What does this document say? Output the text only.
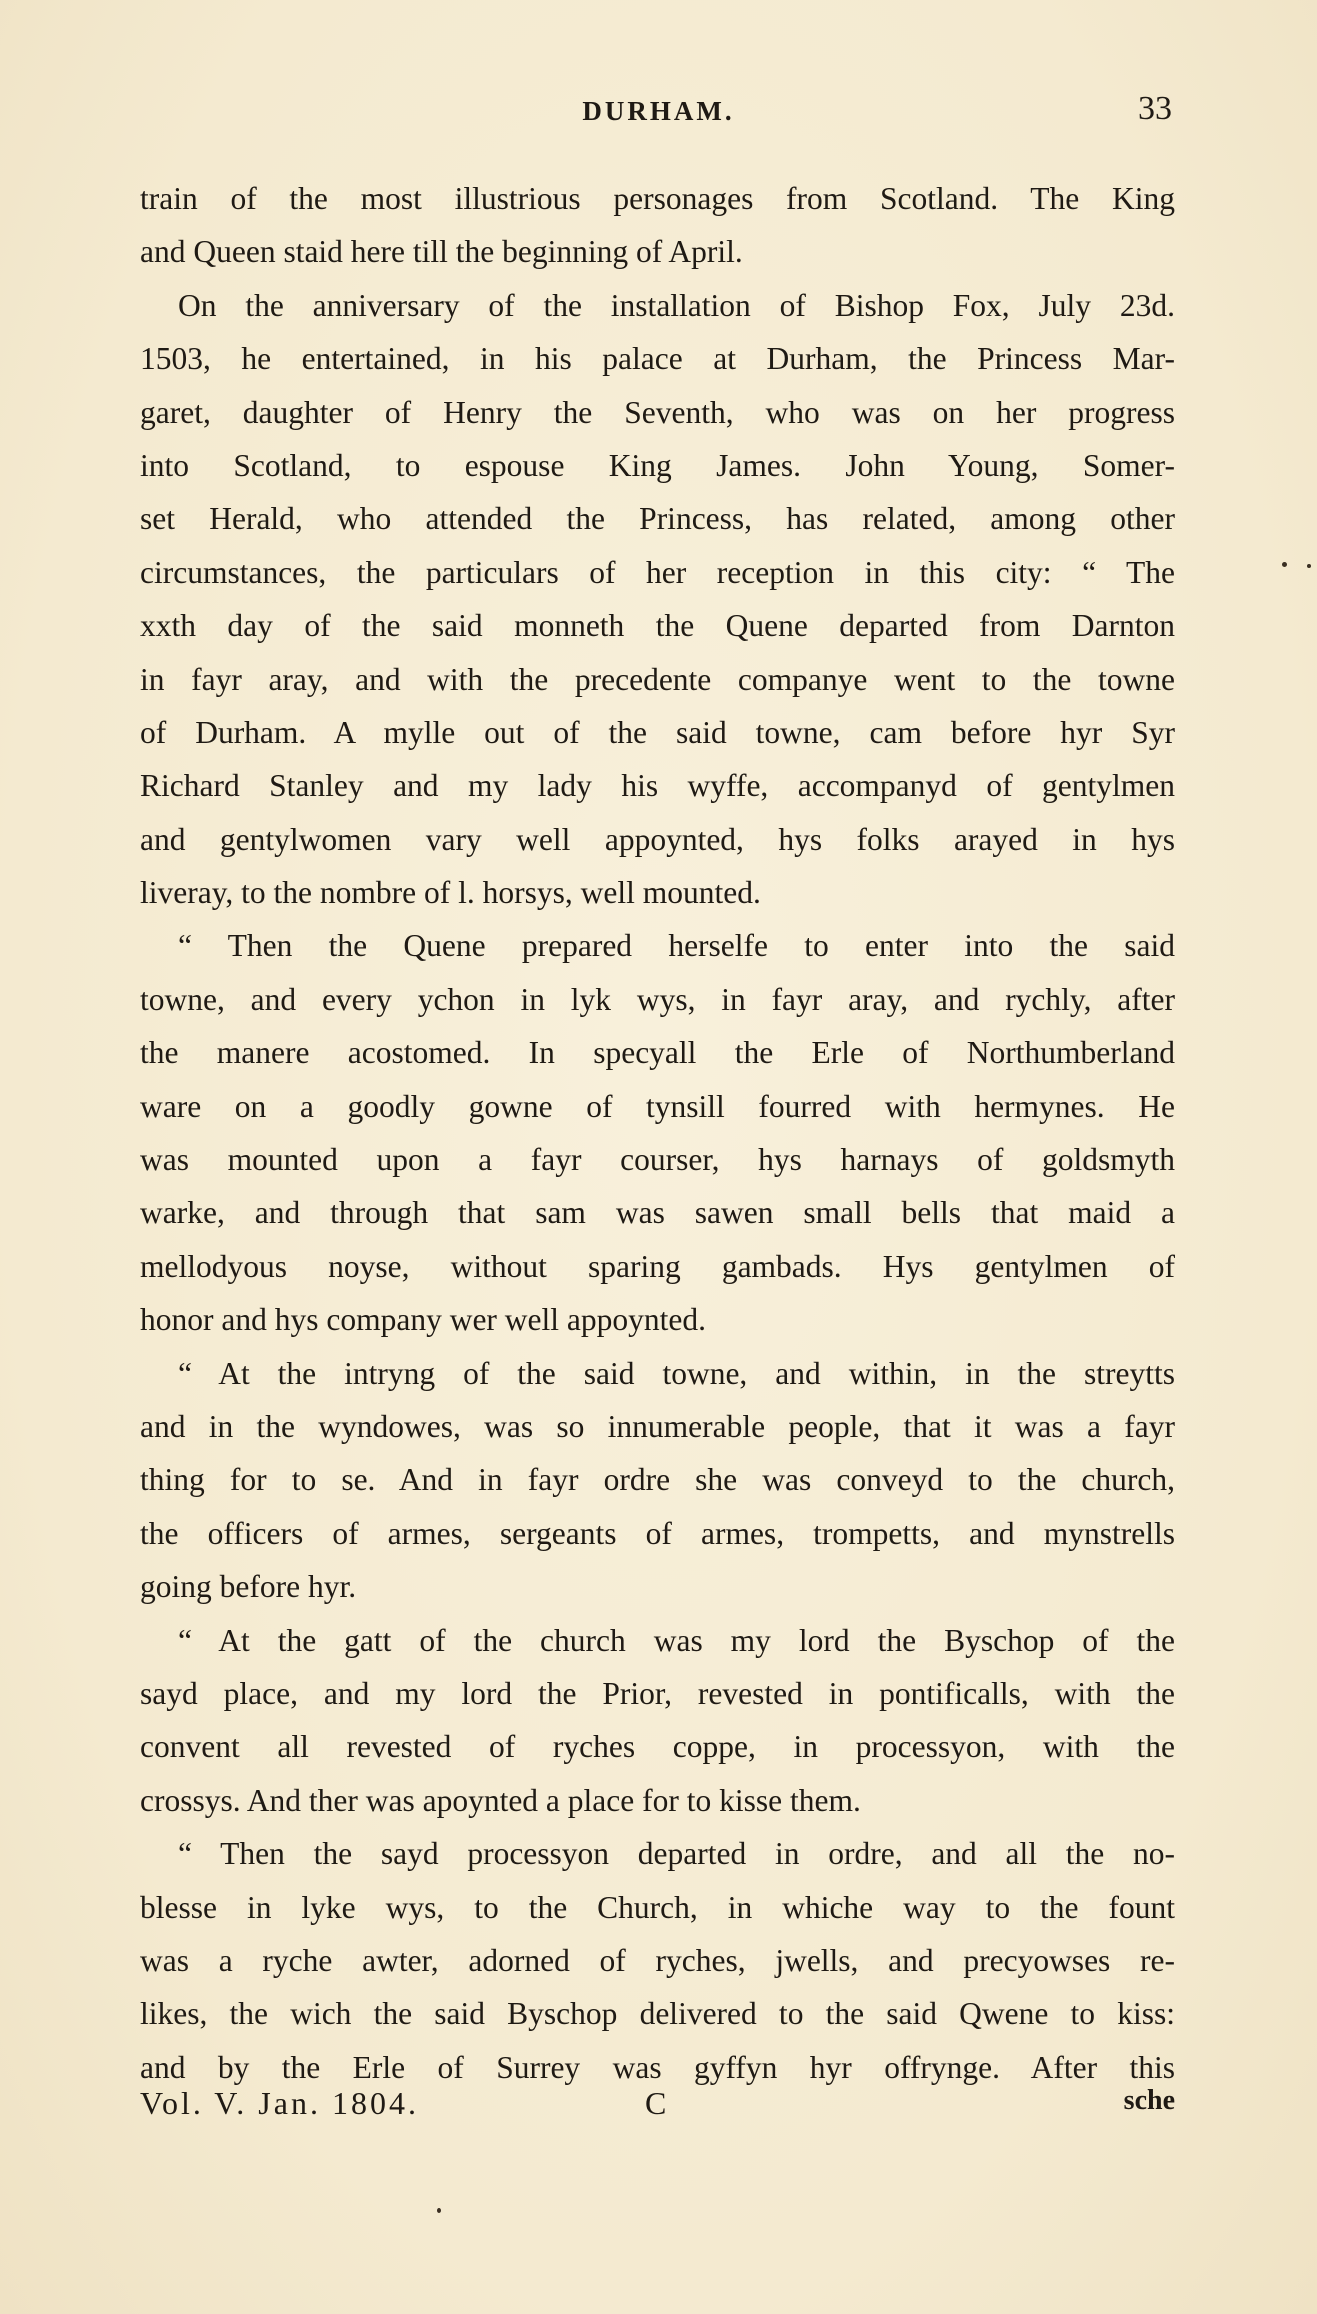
DURHAM.	33
train of the most illustrious personages from Scotland. The King
and Queen staid here till the beginning of April.
On the anniversary of the installation of Bishop Fox, July 23d.
1503, he entertained, in his palace at Durham, the Princess Mar-
garet, daughter of Henry the Seventh, who was on her progress
into Scotland, to espouse King James. John Young, Somer-
set Herald, who attended the Princess, has related, among other
circumstances, the particulars of her reception in this city: “ The
xxth day of the said monneth the Quene departed from Darnton
in fayr aray, and with the precedente companye went to the towne
of Durham. A mylle out of the said towne, cam before hyr Syr
Richard Stanley and my lady his wyffe, accompanyd of gentylmen
and gentylwomen vary well appoynted, hys folks arayed in hys
liveray, to the nombre of l. horsys, well mounted.
“ Then the Quene prepared herselfe to enter into the said
towne, and every ychon in lyk wys, in fayr aray, and rychly, after
the manere acostomed. In specyall the Erle of Northumberland
ware on a goodly gowne of tynsill fourred with hermynes. He
was mounted upon a fayr courser, hys harnays of goldsmyth
warke, and through that sam was sawen small bells that maid a
mellodyous noyse, without sparing gambads. Hys gentylmen of
honor and hys company wer well appoynted.
“ At the intryng of the said towne, and within, in the streytts
and in the wyndowes, was so innumerable people, that it was a fayr
thing for to se. And in fayr ordre she was conveyd to the church,
the officers of armes, sergeants of armes, trompetts, and mynstrells
going before hyr.
“ At the gatt of the church was my lord the Byschop of the
sayd place, and my lord the Prior, revested in pontificalls, with the
convent all revested of ryches coppe, in processyon, with the
crossys. And ther was apoynted a place for to kisse them.
“ Then the sayd processyon departed in ordre, and all the no-
blesse in lyke wys, to the Church, in whiche way to the fount
was a ryche awter, adorned of ryches, jwells, and precyowses re-
likes, the wich the said Byschop delivered to the said Qwene to kiss:
and by the Erle of Surrey was gyffyn hyr offrynge. After this
Vol. V. Jan. 1804.	C	sche
